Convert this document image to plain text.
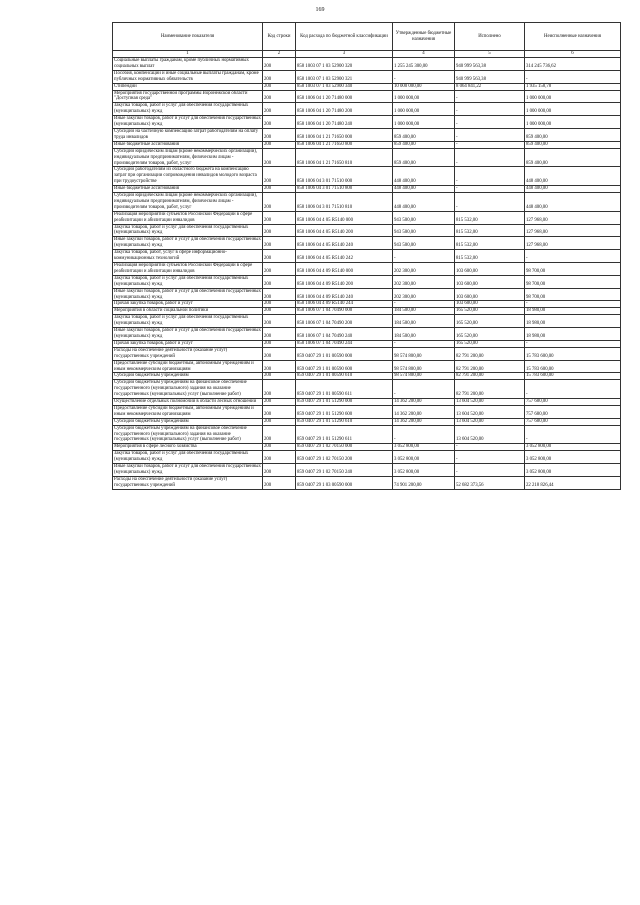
169
Наименование показателя	Код строки	Код расхода по бюджетной классификации	Утвержденные бюджетные назначения	Исполнено	Неисполненные назначения
1	2	3	4	5	6
Социальные выплаты гражданам, кроме публичных нормативных социальных выплат	200	858 1003 07 1 03 52900 320	1 255 245 300,00	940 999 563,38	314 245 736,62
Пособия, компенсации и иные социальные выплаты гражданам, кроме публичных нормативных обязательств	200	858 1003 07 1 03 52900 321	-	940 999 563,38	-
Стипендии	200	858 1003 07 1 03 52900 340	10 000 000,00	8 064 841,22	1 935 158,78
Мероприятия государственной программы Воронежской области "Доступная среда"	200	858 1006 04 1 20 71480 000	1 000 000,00	-	1 000 000,00
Закупка товаров, работ и услуг для обеспечения государственных (муниципальных) нужд	200	858 1006 04 1 20 71480 200	1 000 000,00	-	1 000 000,00
Иные закупки товаров, работ и услуг для обеспечения государственных (муниципальных) нужд	200	858 1006 04 1 20 71480 240	1 000 000,00	-	1 000 000,00
Субсидии на частичную компенсацию затрат работодателям на оплату труда инвалидов	200	858 1006 04 1 21 71650 000	859 400,00	-	859 400,00
Иные бюджетные ассигнования	200	858 1006 04 1 21 71650 800	859 400,00	-	859 400,00
Субсидии юридическим лицам (кроме некоммерческих организаций), индивидуальным предпринимателям, физическим лицам - производителям товаров, работ, услуг	200	858 1006 04 1 21 71650 810	859 400,00	-	859 400,00
Субсидии работодателям из областного бюджета на компенсацию затрат при организации сопровождения инвалидов молодого возраста при трудоустройстве	200	858 1006 04 3 01 71510 000	448 400,00	-	448 400,00
Иные бюджетные ассигнования	200	858 1006 04 3 01 71510 800	448 400,00	-	448 400,00
Субсидии юридическим лицам (кроме некоммерческих организаций), индивидуальным предпринимателям, физическим лицам - производителям товаров, работ, услуг	200	858 1006 04 3 01 71510 810	448 400,00	-	448 400,00
Реализация мероприятий субъектов Российской Федерации в сфере реабилитации и абилитации инвалидов	200	858 1006 04 4 05 R5140 000	943 500,00	815 532,00	127 968,00
Закупка товаров, работ и услуг для обеспечения государственных (муниципальных) нужд	200	858 1006 04 4 05 R5140 200	943 500,00	815 532,00	127 968,00
Иные закупки товаров, работ и услуг для обеспечения государственных (муниципальных) нужд	200	858 1006 04 4 05 R5140 240	943 500,00	815 532,00	127 968,00
Закупка товаров, работ, услуг в сфере информационно-коммуникационных технологий	200	858 1006 04 4 05 R5140 242	-	815 532,00	-
Реализация мероприятий субъектов Российской Федерации в сфере реабилитации и абилитации инвалидов	200	858 1006 04 4 09 R5140 000	202 300,00	103 600,00	98 700,00
Закупка товаров, работ и услуг для обеспечения государственных (муниципальных) нужд	200	858 1006 04 4 09 R5140 200	202 300,00	103 600,00	98 700,00
Иные закупки товаров, работ и услуг для обеспечения государственных (муниципальных) нужд	200	858 1006 04 4 09 R5140 240	202 300,00	103 600,00	98 700,00
Прочая закупка товаров, работ и услуг	200	858 1006 04 4 09 R5140 244	-	103 600,00	-
Мероприятия в области социальной политики	200	858 1006 07 1 04 70490 000	184 500,00	165 520,00	18 980,00
Закупка товаров, работ и услуг для обеспечения государственных (муниципальных) нужд	200	858 1006 07 1 04 70490 200	184 500,00	165 520,00	18 980,00
Иные закупки товаров, работ и услуг для обеспечения государственных (муниципальных) нужд	200	858 1006 07 1 04 70490 240	184 500,00	165 520,00	18 980,00
Прочая закупка товаров, работ и услуг	200	858 1006 07 1 04 70490 244	-	165 520,00	-
Расходы на обеспечение деятельности (оказание услуг) государственных учреждений	200	859 0407 29 1 01 00590 000	98 574 800,00	82 791 200,00	15 783 600,00
Предоставление субсидий бюджетным, автономным учреждениям и иным некоммерческим организациям	200	859 0407 29 1 01 00590 600	98 574 800,00	82 791 200,00	15 783 600,00
Субсидии бюджетным учреждениям	200	859 0407 29 1 01 00590 610	98 574 800,00	82 791 200,00	15 783 600,00
Субсидии бюджетным учреждениям на финансовое обеспечение государственного (муниципального) задания на оказание государственных (муниципальных) услуг (выполнение работ)	200	859 0407 29 1 01 00590 611	-	82 791 200,00	-
Осуществление отдельных полномочий в области лесных отношений	200	859 0407 29 1 01 51290 000	14 362 200,00	13 604 520,00	757 680,00
Предоставление субсидий бюджетным, автономным учреждениям и иным некоммерческим организациям	200	859 0407 29 1 01 51290 600	14 362 200,00	13 604 520,00	757 680,00
Субсидии бюджетным учреждениям	200	859 0407 29 1 01 51290 610	14 362 200,00	13 604 520,00	757 680,00
Субсидии бюджетным учреждениям на финансовое обеспечение государственного (муниципального) задания на оказание государственных (муниципальных) услуг (выполнение работ)	200	859 0407 29 1 01 51290 611	-	13 604 520,00	-
Мероприятия в сфере лесного хозяйства	200	859 0407 29 1 02 70150 000	3 052 800,00	-	3 052 800,00
Закупка товаров, работ и услуг для обеспечения государственных (муниципальных) нужд	200	859 0407 29 1 02 70150 200	3 052 800,00	-	3 052 800,00
Иные закупки товаров, работ и услуг для обеспечения государственных (муниципальных) нужд	200	859 0407 29 1 02 70150 240	3 052 800,00	-	3 052 800,00
Расходы на обеспечение деятельности (оказание услуг) государственных учреждений	200	859 0407 29 1 03 00590 000	74 901 200,00	52 682 373,56	22 218 826,44
